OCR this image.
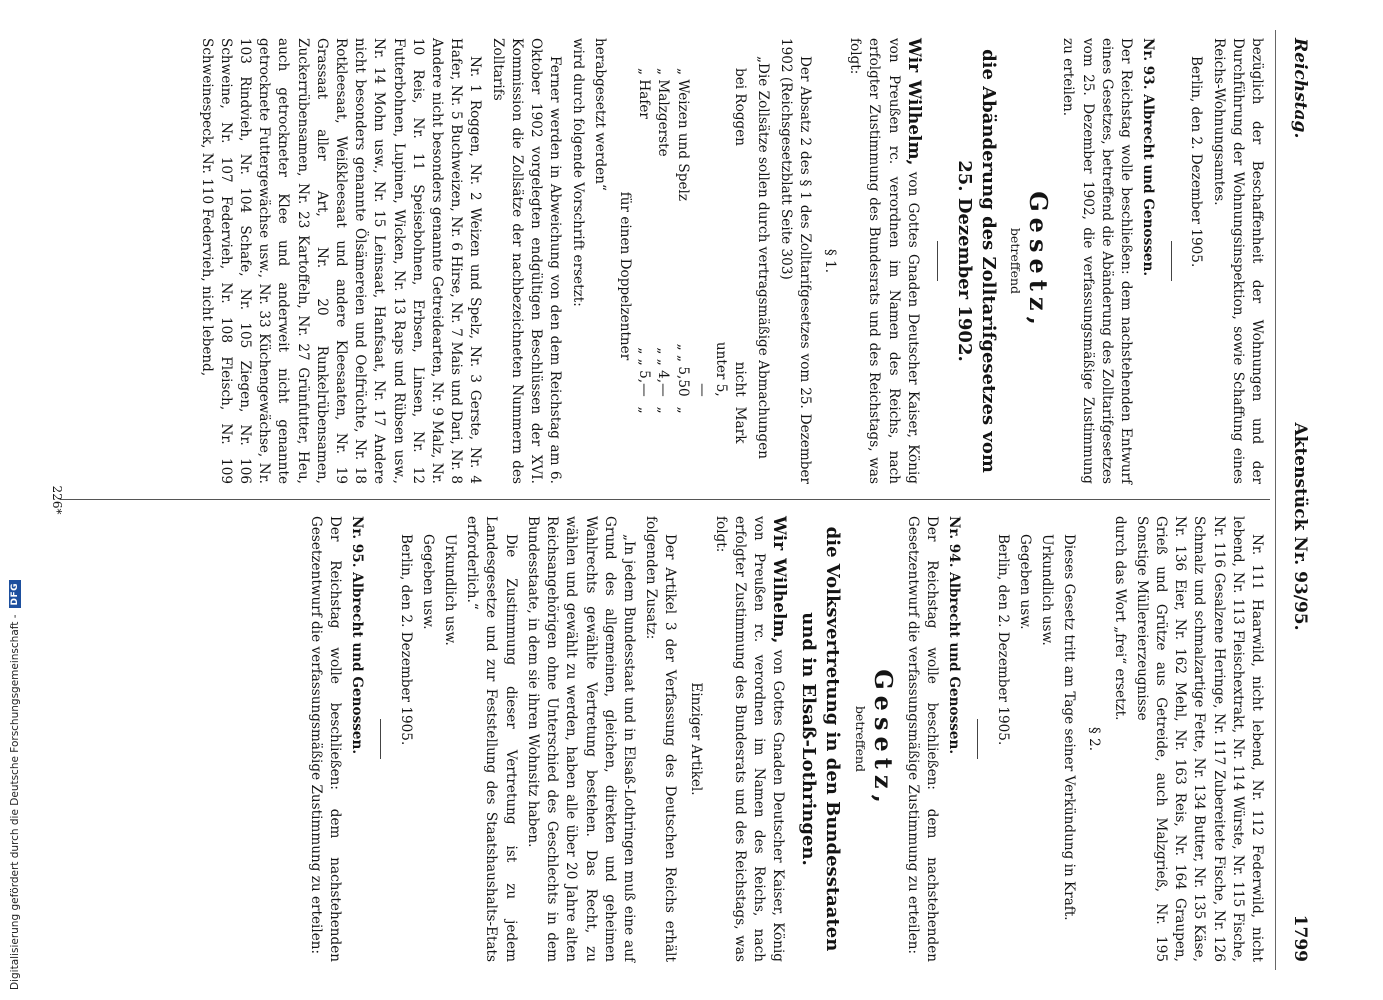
Digitalisierung gefördert durch die Deutsche Forschungsgemeinschaft -
DFG
Reichstag.
Aktenstück Nr. 93/95.
1799

bezüglich der Beschaffenheit der Wohnungen und der Durchführung der Wohnungsinspektion, sowie Schaffung eines Reichs-Wohnungsamtes.

Berlin, den 2. Dezember 1905.

Nr. 93. Albrecht und Genossen.

Der Reichstag wolle beschließen: dem nachstehenden Entwurf eines Gesetzes, betreffend die Abänderung des Zolltarifgesetzes vom 25. Dezember 1902, die verfassungsmäßige Zustimmung zu erteilen.

Gesetz,
betreffend
die Abänderung des Zolltarifgesetzes vom 25. Dezember 1902.

Wir Wilhelm, von Gottes Gnaden Deutscher Kaiser, König von Preußen rc. verordnen im Namen des Reichs, nach erfolgter Zustimmung des Bundesrats und des Reichstags, was folgt:

§ 1.

Der Absatz 2 des § 1 des Zolltarifgesetzes vom 25. Dezember 1902 (Reichsgesetzblatt Seite 303)

„Die Zollsätze sollen durch vertragsmäßige Abmachungen

bei Roggen
nicht unter 5,—
Mark
„ Weizen und Spelz
„ „ 5,50
„
„ Malzgerste
„ „ 4,—
„
„ Hafer
„ „ 5,—
„
für einen Doppelzentner

herabgesetzt werden“

wird durch folgende Vorschrift ersetzt:

Ferner werden in Abweichung von den dem Reichstag am 6. Oktober 1902 vorgelegten endgültigen Beschlüssen der XVI. Kommission die Zollsätze der nachbezeichneten Nummern des Zolltarifs

Nr. 1 Roggen, Nr. 2 Weizen und Spelz, Nr. 3 Gerste, Nr. 4 Hafer, Nr. 5 Buchweizen, Nr. 6 Hirse, Nr. 7 Mais und Dari, Nr. 8 Andere nicht besonders genannte Getreidearten, Nr. 9 Malz, Nr. 10 Reis, Nr. 11 Speisebohnen, Erbsen, Linsen, Nr. 12 Futterbohnen, Lupinen, Wicken, Nr. 13 Raps und Rübsen usw., Nr. 14 Mohn usw., Nr. 15 Leinsaat, Hanfsaat, Nr. 17 Andere nicht besonders genannte Ölsämereien und Oelfrüchte, Nr. 18 Rotkleesaat, Weißkleesaat und andere Kleesaaten, Nr. 19 Grassaat aller Art, Nr. 20 Runkelrübensamen, Zuckerrübensamen, Nr. 23 Kartoffeln, Nr. 27 Grünfutter, Heu, auch getrockneter Klee und anderweit nicht genannte getrocknete Futtergewächse usw., Nr. 33 Küchengewächse, Nr. 103 Rindvieh, Nr. 104 Schafe, Nr. 105 Ziegen, Nr. 106 Schweine, Nr. 107 Federvieh, Nr. 108 Fleisch, Nr. 109 Schweinespeck, Nr. 110 Federvieh, nicht lebend,

Nr. 111 Haarwild, nicht lebend, Nr. 112 Federwild, nicht lebend, Nr. 113 Fleischextrakt, Nr. 114 Würste, Nr. 115 Fische, Nr. 116 Gesalzene Heringe, Nr. 117 Zubereitete Fische, Nr. 126 Schmalz und schmalzartige Fette, Nr. 134 Butter, Nr. 135 Käse, Nr. 136 Eier, Nr. 162 Mehl, Nr. 163 Reis, Nr. 164 Graupen, Grieß und Grütze aus Getreide, auch Malzgrieß, Nr. 195 Sonstige Müllereierzeugnisse

durch das Wort „frei“ ersetzt.

§ 2.

Dieses Gesetz tritt am Tage seiner Verkündung in Kraft.

Urkundlich usw.

Gegeben usw.

Berlin, den 2. Dezember 1905.

Nr. 94. Albrecht und Genossen.

Der Reichstag wolle beschließen: dem nachstehenden Gesetzentwurf die verfassungsmäßige Zustimmung zu erteilen:

Gesetz,
betreffend
die Volksvertretung in den Bundesstaaten und in Elsaß-Lothringen.

Wir Wilhelm, von Gottes Gnaden Deutscher Kaiser, König von Preußen rc. verordnen im Namen des Reichs, nach erfolgter Zustimmung des Bundesrats und des Reichstags, was folgt:

Einziger Artikel.

Der Artikel 3 der Verfassung des Deutschen Reichs erhält folgenden Zusatz:

„In jedem Bundesstaat und in Elsaß-Lothringen muß eine auf Grund des allgemeinen, gleichen, direkten und geheimen Wahlrechts gewählte Vertretung bestehen. Das Recht, zu wählen und gewählt zu werden, haben alle über 20 Jahre alten Reichsangehörigen ohne Unterschied des Geschlechts in dem Bundesstaate, in dem sie ihren Wohnsitz haben.

Die Zustimmung dieser Vertretung ist zu jedem Landesgesetze und zur Feststellung des Staatshaushalts-Etats erforderlich.“

Urkundlich usw.

Gegeben usw.

Berlin, den 2. Dezember 1905.

Nr. 95. Albrecht und Genossen.

Der Reichstag wolle beschließen: dem nachstehenden Gesetzentwurf die verfassungsmäßige Zustimmung zu erteilen:

226*
